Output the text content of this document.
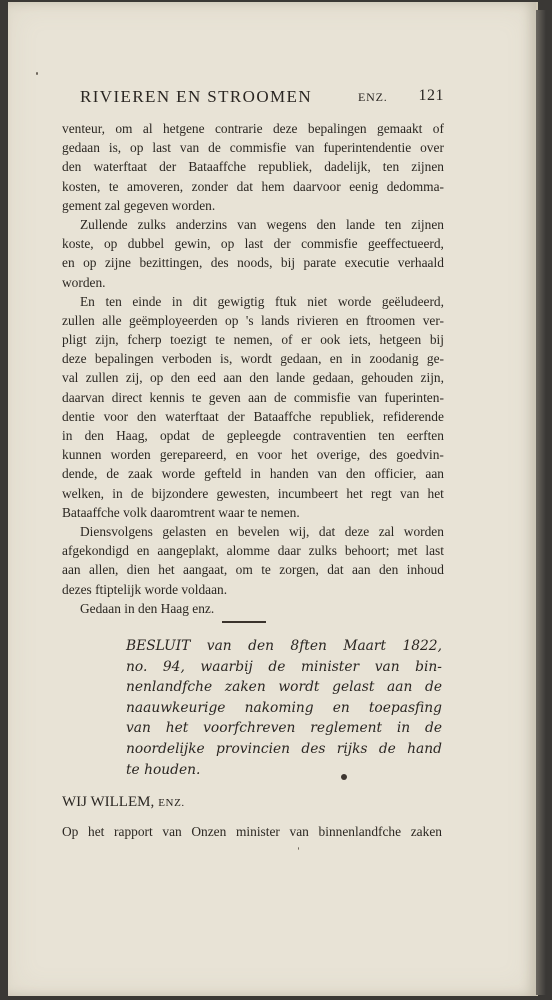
RIVIEREN EN STROOMEN	ENZ. 121
venteur, om al hetgene contrarie deze bepalingen gemaakt of
gedaan is, op last van de commisfie van fuperintendentie over
den waterftaat der Bataaffche republiek, dadelijk, ten zijnen
kosten, te amoveren, zonder dat hem daarvoor eenig dedomma-
gement zal gegeven worden.
Zullende zulks anderzins van wegens den lande ten zijnen
koste, op dubbel gewin, op last der commisfie geeffectueerd,
en op zijne bezittingen, des noods, bij parate executie verhaald
worden.
En ten einde in dit gewigtig ftuk niet worde geëludeerd,
zullen alle geëmployeerden op 's lands rivieren en ftroomen ver-
pligt zijn, fcherp toezigt te nemen, of er ook iets, hetgeen bij
deze bepalingen verboden is, wordt gedaan, en in zoodanig ge-
val zullen zij, op den eed aan den lande gedaan, gehouden zijn,
daarvan direct kennis te geven aan de commisfie van fuperinten-
dentie voor den waterftaat der Bataaffche republiek, refiderende
in den Haag, opdat de gepleegde contraventien ten eerften
kunnen worden gerepareerd, en voor het overige, des goedvin-
dende, de zaak worde gefteld in handen van den officier, aan
welken, in de bijzondere gewesten, incumbeert het regt van het
Bataaffche volk daaromtrent waar te nemen.
Diensvolgens gelasten en bevelen wij, dat deze zal worden
afgekondigd en aangeplakt, alomme daar zulks behoort; met last
aan allen, dien het aangaat, om te zorgen, dat aan den inhoud
dezes ftiptelijk worde voldaan.
Gedaan in den Haag enz.
BESLUIT van den 8ften Maart 1822,
no. 94, waarbij de minister van bin-
nenlandfche zaken wordt gelast aan de
naauwkeurige nakoming en toepasfing
van het voorfchreven reglement in de
noordelijke provincien des rijks de hand
te houden.
WIJ WILLEM, ENZ.
Op het rapport van Onzen minister van binnenlandfche zaken
